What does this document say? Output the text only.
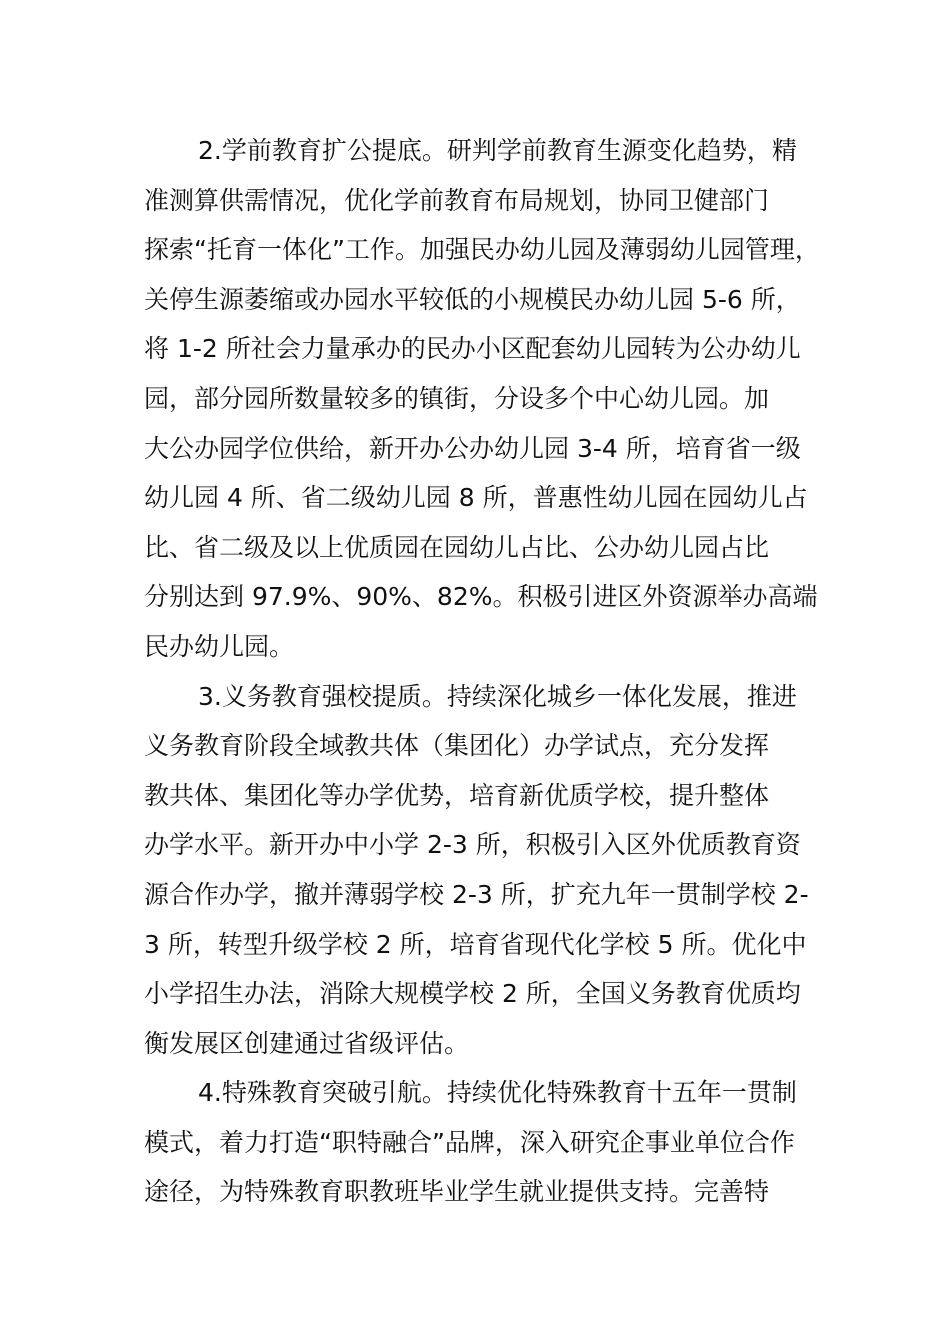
2.学前教育扩公提底。研判学前教育生源变化趋势，精
准测算供需情况，优化学前教育布局规划，协同卫健部门
探索“托育一体化”工作。加强民办幼儿园及薄弱幼儿园管理，
关停生源萎缩或办园水平较低的小规模民办幼儿园 5-6 所，
将 1-2 所社会力量承办的民办小区配套幼儿园转为公办幼儿
园，部分园所数量较多的镇街，分设多个中心幼儿园。加
大公办园学位供给，新开办公办幼儿园 3-4 所，培育省一级
幼儿园 4 所、省二级幼儿园 8 所，普惠性幼儿园在园幼儿占
比、省二级及以上优质园在园幼儿占比、公办幼儿园占比
分别达到 97.9%、90%、82%。积极引进区外资源举办高端
民办幼儿园。
3.义务教育强校提质。持续深化城乡一体化发展，推进
义务教育阶段全域教共体（集团化）办学试点，充分发挥
教共体、集团化等办学优势，培育新优质学校，提升整体
办学水平。新开办中小学 2-3 所，积极引入区外优质教育资
源合作办学，撤并薄弱学校 2-3 所，扩充九年一贯制学校 2-
3 所，转型升级学校 2 所，培育省现代化学校 5 所。优化中
小学招生办法，消除大规模学校 2 所，全国义务教育优质均
衡发展区创建通过省级评估。
4.特殊教育突破引航。持续优化特殊教育十五年一贯制
模式，着力打造“职特融合”品牌，深入研究企事业单位合作
途径，为特殊教育职教班毕业学生就业提供支持。完善特
